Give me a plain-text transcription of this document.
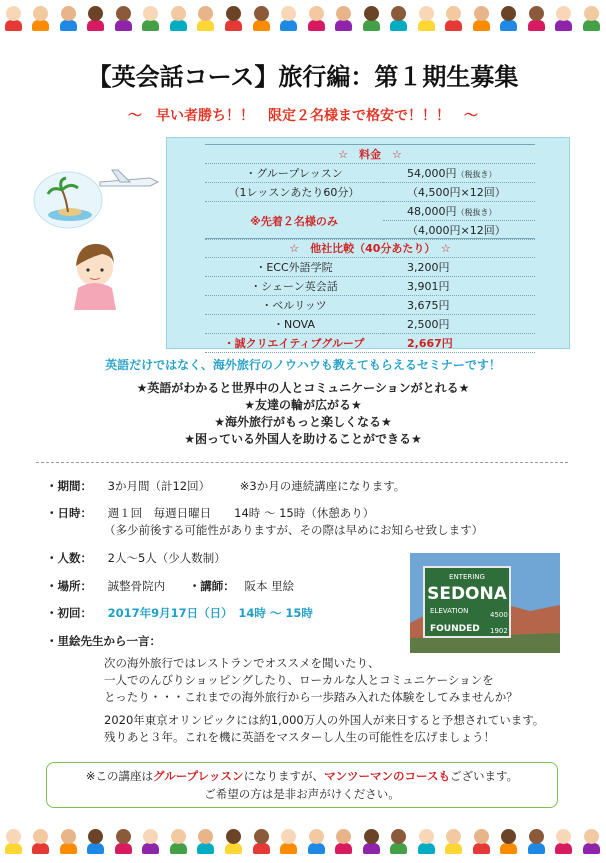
【英会話コース】旅行編：第１期生募集
～　早い者勝ち！！　限定２名様まで格安で！！！　～
☆　料金　☆	
・グループレッスン	54,000円（税抜き）
（1レッスンあたり60分）	（4,500円×12回）
※先着２名様のみ	48,000円（税抜き）
	（4,000円×12回）
☆　他社比較（40分あたり）　☆	
・ECC外語学院	3,200円
・シェーン英会話	3,901円
・ベルリッツ	3,675円
・NOVA	2,500円
・誠クリエイティブグループ	2,667円
英語だけではなく、海外旅行のノウハウも教えてもらえるセミナーです！
★英語がわかると世界中の人とコミュニケーションがとれる★
★友達の輪が広がる★
★海外旅行がもっと楽しくなる★
★困っている外国人を助けることができる★
・期間： 3か月間（計12回）	※3か月の連続講座になります。
・日時： 週１回　毎週日曜日　　14時 ～ 15時（休憩あり）
（多少前後する可能性がありますが、その際は早めにお知らせ致します）
・人数： 2人～5人（少人数制）
・場所： 誠整骨院内 ・講師： 阪本 里絵
・初回： 2017年9月17日（日）　14時 ～ 15時
・里絵先生から一言：
次の海外旅行ではレストランでオススメを聞いたり、
一人でのんびりショッピングしたり、ローカルな人とコミュニケーションを
とったり・・・これまでの海外旅行から一歩踏み入れた体験をしてみませんか？
2020年東京オリンピックには約1,000万人の外国人が来日すると予想されています。
残りあと３年。これを機に英語をマスターし人生の可能性を広げましょう！
ENTERING
SEDONA
ELEVATION	4500
FOUNDED 1902
※この講座はグループレッスンになりますが、マンツーマンのコースもございます。
ご希望の方は是非お声がけください。
